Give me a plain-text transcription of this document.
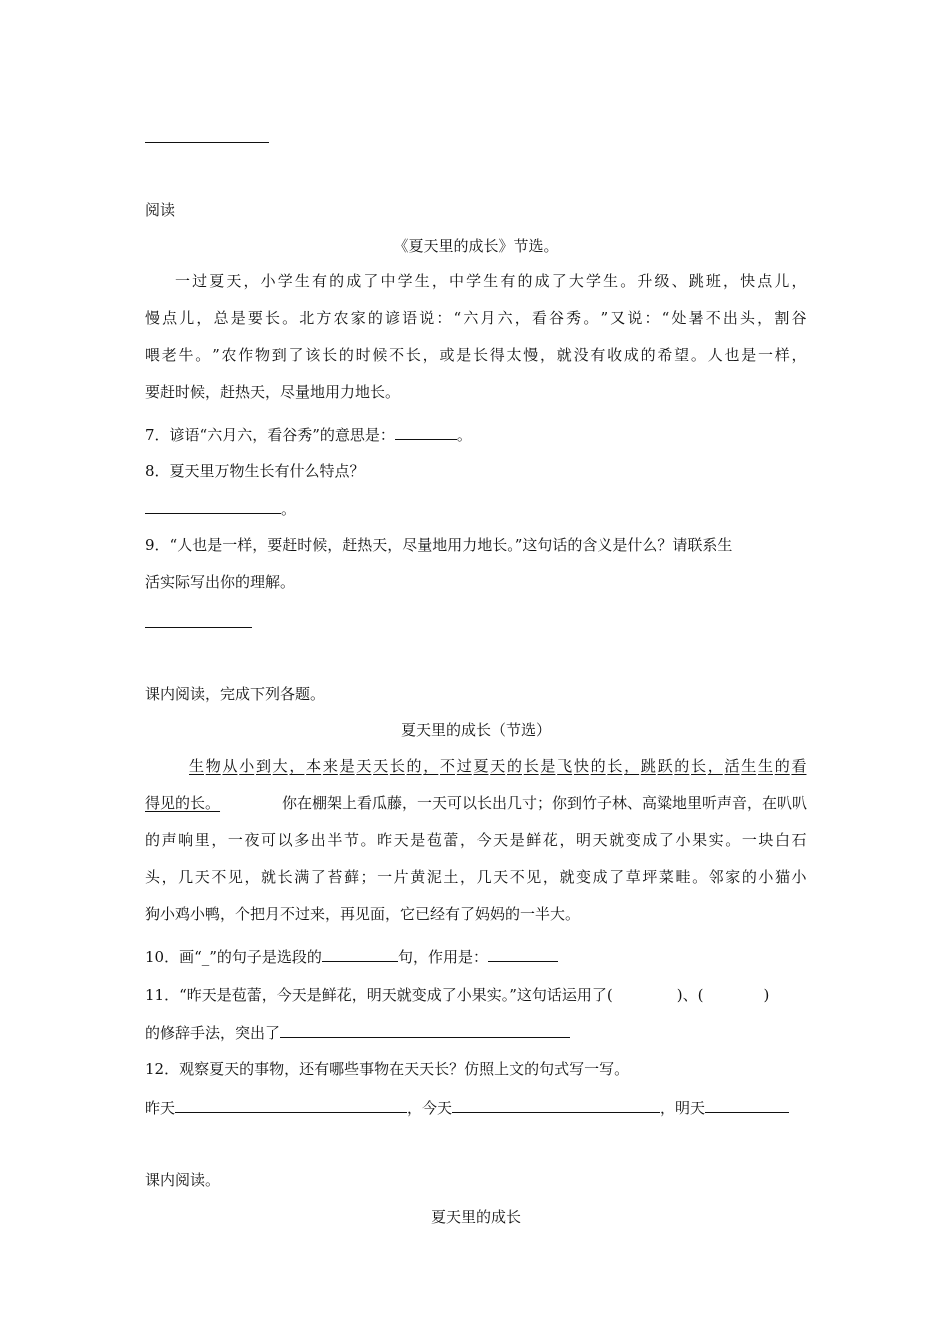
阅读
《夏天里的成长》节选。
一 过 夏 天 ， 小 学 生 有 的 成 了 中 学 生 ， 中 学 生 有 的 成 了 大 学 生 。 升 级 、 跳 班 ， 快 点 儿 ，
慢 点 儿 ， 总 是 要 长 。 北 方 农 家 的 谚 语 说 ： “ 六 月 六 ， 看 谷 秀 。 ” 又 说 ： “ 处 暑 不 出 头 ， 割 谷
喂 老 牛 。 ” 农 作 物 到 了 该 长 的 时 候 不 长 ， 或 是 长 得 太 慢 ， 就 没 有 收 成 的 希 望 。 人 也 是 一 样 ，
要赶时候，赶热天，尽量地用力地长。
7．谚语“六月六，看谷秀”的意思是：	。
8．夏天里万物生长有什么特点？
。
9．“人也是一样，要赶时候，赶热天，尽量地用力地长。”这句话的含义是什么？请联系生
活实际写出你的理解。
课内阅读，完成下列各题。
夏天里的成长（节选）
生 物 从 小 到 大 ， 本 来 是 天 天 长 的 ， 不 过 夏 天 的 长 是 飞 快 的 长 ， 跳 跃 的 长 ， 活 生 生 的 看
得见的长。	你在棚架上看瓜藤，一天可以长出几寸；你到竹子林、高粱地里听声音，在叭叭
的 声 响 里 ， 一 夜 可 以 多 出 半 节 。 昨 天 是 苞 蕾 ， 今 天 是 鲜 花 ， 明 天 就 变 成 了 小 果 实 。 一 块 白 石
头 ， 几 天 不 见 ， 就 长 满 了 苔 藓 ； 一 片 黄 泥 土 ， 几 天 不 见 ， 就 变 成 了 草 坪 菜 畦 。 邻 家 的 小 猫 小
狗小鸡小鸭，个把月不过来，再见面，它已经有了妈妈的一半大。
10．画“_”的句子是选段的	句，作用是：
11．“昨天是苞蕾，今天是鲜花，明天就变成了小果实。”这句话运用了(	)、(	)
的修辞手法，突出了
12．观察夏天的事物，还有哪些事物在天天长？仿照上文的句式写一写。
昨天	，今天	，明天
课内阅读。
夏天里的成长
